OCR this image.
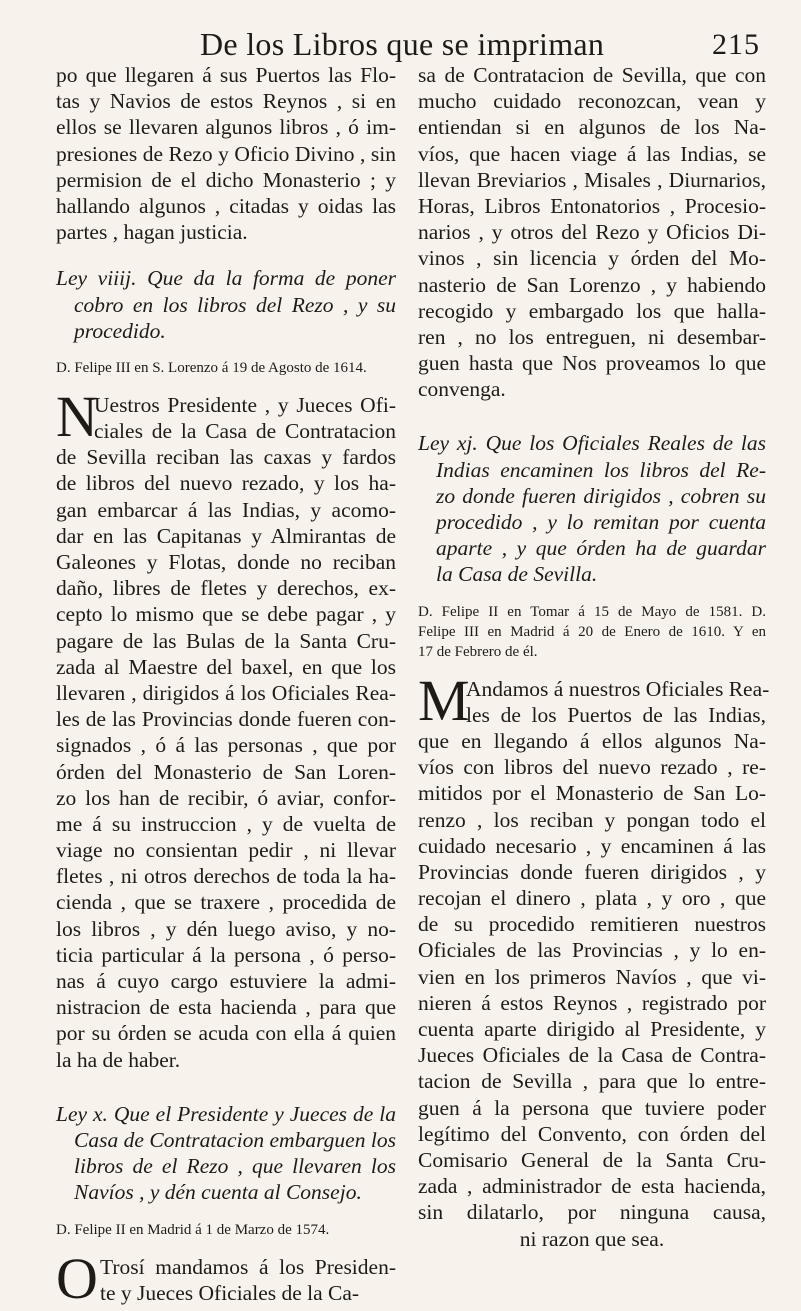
De los Libros que se impriman	215
po que llegaren á sus Puertos las Flo-
tas y Navios de estos Reynos , si en
ellos se llevaren algunos libros , ó im-
presiones de Rezo y Oficio Divino , sin
permision de el dicho Monasterio ; y
hallando algunos , citadas y oidas las
partes , hagan justicia.
Ley viiij. Que da la forma de poner
cobro en los libros del Rezo , y su
procedido.
D. Felipe III en S. Lorenzo á 19 de Agosto de 1614.
N
Uestros Presidente , y Jueces Ofi-
ciales de la Casa de Contratacion
de Sevilla reciban las caxas y fardos
de libros del nuevo rezado, y los ha-
gan embarcar á las Indias, y acomo-
dar en las Capitanas y Almirantas de
Galeones y Flotas, donde no reciban
daño, libres de fletes y derechos, ex-
cepto lo mismo que se debe pagar , y
pagare de las Bulas de la Santa Cru-
zada al Maestre del baxel, en que los
llevaren , dirigidos á los Oficiales Rea-
les de las Provincias donde fueren con-
signados , ó á las personas , que por
órden del Monasterio de San Loren-
zo los han de recibir, ó aviar, confor-
me á su instruccion , y de vuelta de
viage no consientan pedir , ni llevar
fletes , ni otros derechos de toda la ha-
cienda , que se traxere , procedida de
los libros , y dén luego aviso, y no-
ticia particular á la persona , ó perso-
nas á cuyo cargo estuviere la admi-
nistracion de esta hacienda , para que
por su órden se acuda con ella á quien
la ha de haber.
Ley x. Que el Presidente y Jueces de la
Casa de Contratacion embarguen los
libros de el Rezo , que llevaren los
Navíos , y dén cuenta al Consejo.
D. Felipe II en Madrid á 1 de Marzo de 1574.
O Trosí mandamos á los Presiden-
te y Jueces Oficiales de la Ca-
sa de Contratacion de Sevilla, que con
mucho cuidado reconozcan, vean y
entiendan si en algunos de los Na-
víos, que hacen viage á las Indias, se
llevan Breviarios , Misales , Diurnarios,
Horas, Libros Entonatorios , Procesio-
narios , y otros del Rezo y Oficios Di-
vinos , sin licencia y órden del Mo-
nasterio de San Lorenzo , y habiendo
recogido y embargado los que halla-
ren , no los entreguen, ni desembar-
guen hasta que Nos proveamos lo que
convenga.
Ley xj. Que los Oficiales Reales de las
Indias encaminen los libros del Re-
zo donde fueren dirigidos , cobren su
procedido , y lo remitan por cuenta
aparte , y que órden ha de guardar
la Casa de Sevilla.
D. Felipe II en Tomar á 15 de Mayo de 1581. D.
Felipe III en Madrid á 20 de Enero de 1610. Y en
17 de Febrero de él.
M
Andamos á nuestros Oficiales Rea-
les de los Puertos de las Indias,
que en llegando á ellos algunos Na-
víos con libros del nuevo rezado , re-
mitidos por el Monasterio de San Lo-
renzo , los reciban y pongan todo el
cuidado necesario , y encaminen á las
Provincias donde fueren dirigidos , y
recojan el dinero , plata , y oro , que
de su procedido remitieren nuestros
Oficiales de las Provincias , y lo en-
vien en los primeros Navíos , que vi-
nieren á estos Reynos , registrado por
cuenta aparte dirigido al Presidente, y
Jueces Oficiales de la Casa de Contra-
tacion de Sevilla , para que lo entre-
guen á la persona que tuviere poder
legítimo del Convento, con órden del
Comisario General de la Santa Cru-
zada , administrador de esta hacienda,
sin dilatarlo, por ninguna causa,
ni razon que sea.
